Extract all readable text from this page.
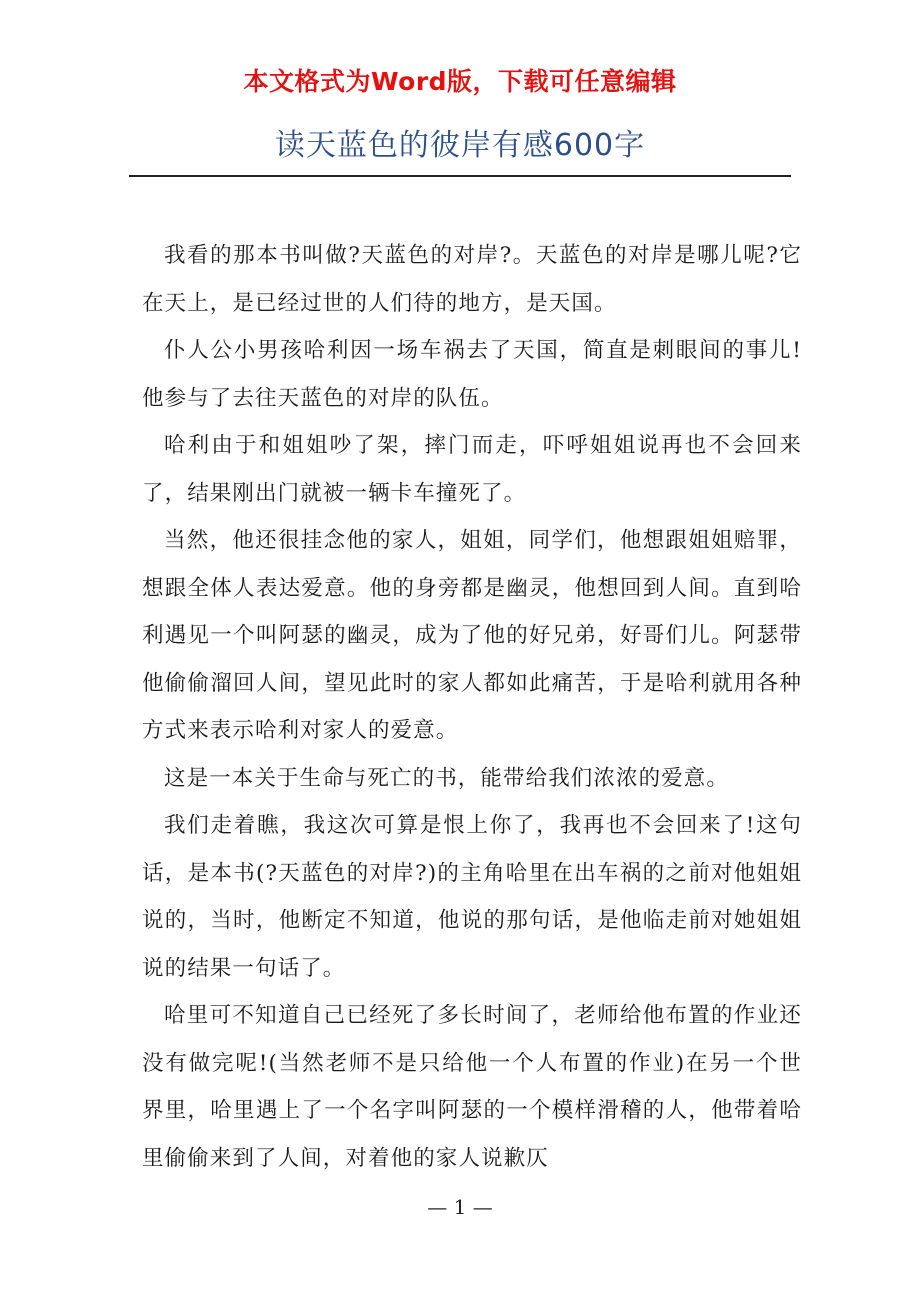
本文格式为Word版，下载可任意编辑
读天蓝色的彼岸有感600字

我看的那本书叫做?天蓝色的对岸?。天蓝色的对岸是哪儿呢?它在天上，是已经过世的人们待的地方，是天国。

仆人公小男孩哈利因一场车祸去了天国，简直是刺眼间的事儿!他参与了去往天蓝色的对岸的队伍。

哈利由于和姐姐吵了架，摔门而走，吓呼姐姐说再也不会回来了，结果刚出门就被一辆卡车撞死了。

当然，他还很挂念他的家人，姐姐，同学们，他想跟姐姐赔罪，想跟全体人表达爱意。他的身旁都是幽灵，他想回到人间。直到哈利遇见一个叫阿瑟的幽灵，成为了他的好兄弟，好哥们儿。阿瑟带他偷偷溜回人间，望见此时的家人都如此痛苦，于是哈利就用各种方式来表示哈利对家人的爱意。

这是一本关于生命与死亡的书，能带给我们浓浓的爱意。

我们走着瞧，我这次可算是恨上你了，我再也不会回来了!这句话，是本书(?天蓝色的对岸?)的主角哈里在出车祸的之前对他姐姐说的，当时，他断定不知道，他说的那句话，是他临走前对她姐姐说的结果一句话了。

哈里可不知道自己已经死了多长时间了，老师给他布置的作业还没有做完呢!(当然老师不是只给他一个人布置的作业)在另一个世界里，哈里遇上了一个名字叫阿瑟的一个模样滑稽的人，他带着哈里偷偷来到了人间，对着他的家人说歉仄

— 1 —
